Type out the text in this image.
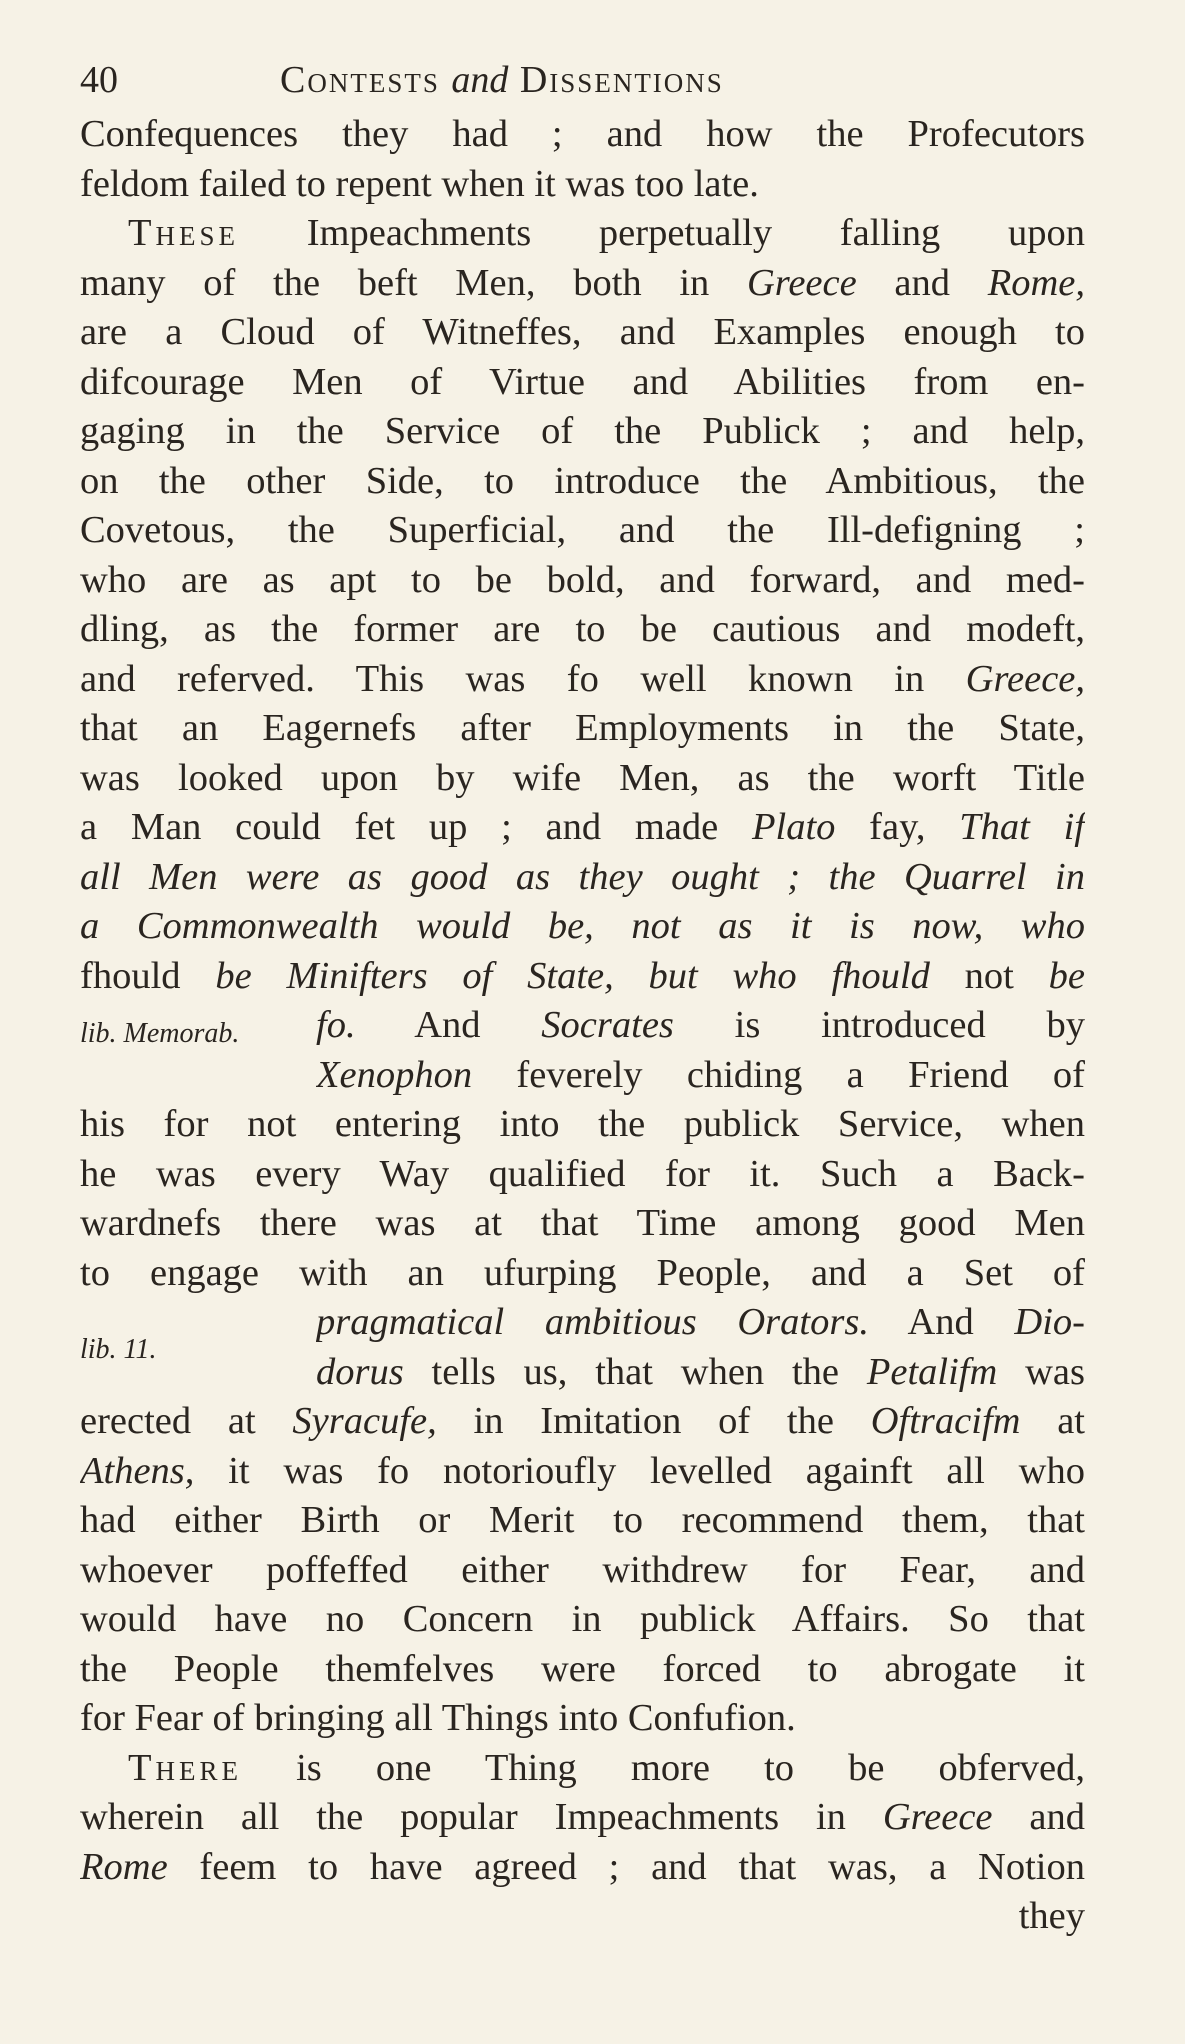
40	Contests and Dissentions
lib. Memorab.
lib. 11.
Confequences they had ; and how the Profecutors
feldom failed to repent when it was too late.
These Impeachments perpetually falling upon
many of the beft Men, both in Greece and Rome,
are a Cloud of Witneffes, and Examples enough to
difcourage Men of Virtue and Abilities from en-
gaging in the Service of the Publick ; and help,
on the other Side, to introduce the Ambitious, the
Covetous, the Superficial, and the Ill-defigning ;
who are as apt to be bold, and forward, and med-
dling, as the former are to be cautious and modeft,
and referved. This was fo well known in Greece,
that an Eagernefs after Employments in the State,
was looked upon by wife Men, as the worft Title
a Man could fet up ; and made Plato fay, That if
all Men were as good as they ought ; the Quarrel in
a Commonwealth would be, not as it is now, who
fhould be Minifters of State, but who fhould not be
fo. And Socrates is introduced by
Xenophon feverely chiding a Friend of
his for not entering into the publick Service, when
he was every Way qualified for it. Such a Back-
wardnefs there was at that Time among good Men
to engage with an ufurping People, and a Set of
pragmatical ambitious Orators. And Dio-
dorus tells us, that when the Petalifm was
erected at Syracufe, in Imitation of the Oftracifm at
Athens, it was fo notorioufly levelled againft all who
had either Birth or Merit to recommend them, that
whoever poffeffed either withdrew for Fear, and
would have no Concern in publick Affairs. So that
the People themfelves were forced to abrogate it
for Fear of bringing all Things into Confufion.
There is one Thing more to be obferved,
wherein all the popular Impeachments in Greece and
Rome feem to have agreed ; and that was, a Notion
they
